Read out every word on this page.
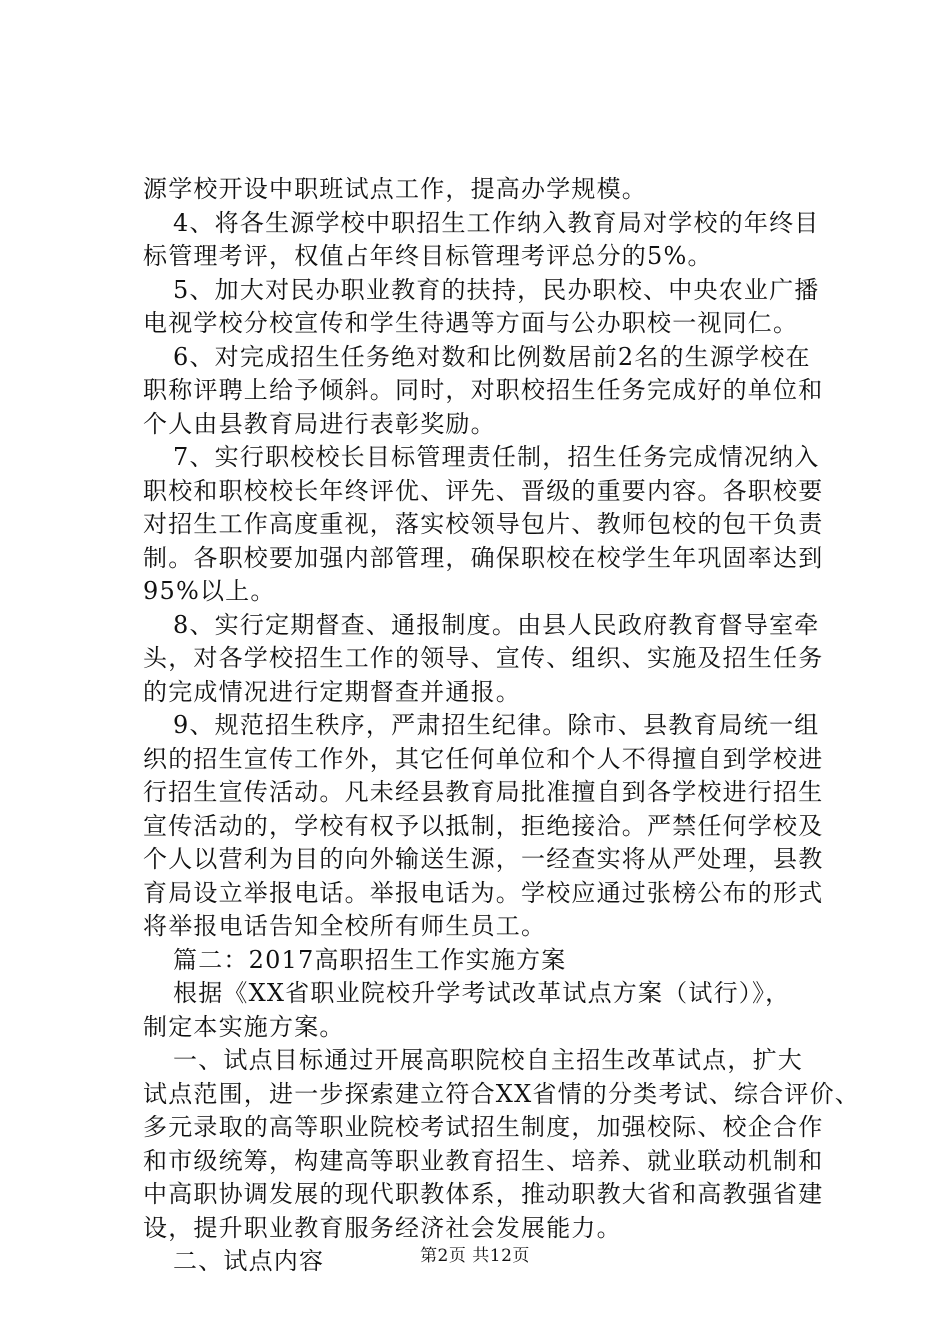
源学校开设中职班试点工作，提高办学规模。
4、将各生源学校中职招生工作纳入教育局对学校的年终目
标管理考评，权值占年终目标管理考评总分的5%。
5、加大对民办职业教育的扶持，民办职校、中央农业广播
电视学校分校宣传和学生待遇等方面与公办职校一视同仁。
6、对完成招生任务绝对数和比例数居前2名的生源学校在
职称评聘上给予倾斜。同时，对职校招生任务完成好的单位和
个人由县教育局进行表彰奖励。
7、实行职校校长目标管理责任制，招生任务完成情况纳入
职校和职校校长年终评优、评先、晋级的重要内容。各职校要
对招生工作高度重视，落实校领导包片、教师包校的包干负责
制。各职校要加强内部管理，确保职校在校学生年巩固率达到
95%以上。
8、实行定期督查、通报制度。由县人民政府教育督导室牵
头，对各学校招生工作的领导、宣传、组织、实施及招生任务
的完成情况进行定期督查并通报。
9、规范招生秩序，严肃招生纪律。除市、县教育局统一组
织的招生宣传工作外，其它任何单位和个人不得擅自到学校进
行招生宣传活动。凡未经县教育局批准擅自到各学校进行招生
宣传活动的，学校有权予以抵制，拒绝接洽。严禁任何学校及
个人以营利为目的向外输送生源，一经查实将从严处理，县教
育局设立举报电话。举报电话为。学校应通过张榜公布的形式
将举报电话告知全校所有师生员工。
篇二：2017高职招生工作实施方案
根据《XX省职业院校升学考试改革试点方案（试行）》，
制定本实施方案。
一、试点目标通过开展高职院校自主招生改革试点，扩大
试点范围，进一步探索建立符合XX省情的分类考试、综合评价、
多元录取的高等职业院校考试招生制度，加强校际、校企合作
和市级统筹，构建高等职业教育招生、培养、就业联动机制和
中高职协调发展的现代职教体系，推动职教大省和高教强省建
设，提升职业教育服务经济社会发展能力。
二、试点内容	第2页 共12页
